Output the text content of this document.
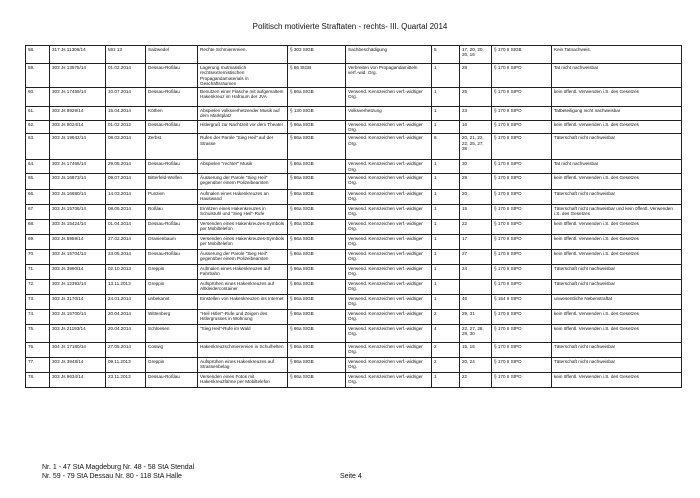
Politisch motivierte Straftaten - rechts- III. Quartal 2014
58.	317 Js 11306/14	Mrz 13	Salzwedel	Rechte Schmierereien.	§ 303 StGB	Sachbeschädigung	5	17, 20, 20, 20, 16	§ 170 II StGB	Kein Tatnachweis.
59.	303 Js 13575/14	01.02.2014	Dessau-Roßlau	Lagerung mutmasslich rechtsextremistischen Propagandamaterials in Geschäftsräumen	§ 86 StGB	Verbreiten von Propagandamitteln verf.-wid. Org.	1	28	§ 170 II StPO	Tat nicht nachweisbar
60.	303 Js 17459/14	10.07.2014	Dessau-Roßlau	Benutzen einer Flasche mit aufgemaltem Hakenkreuz im Hafraum der JVA	§ 86a StGB	Verwend. Kennzeichen verf.-widriger Org.	1	25	§ 170 II StPO	kein öffentl. Verwenden i.S. des Gesetzes
61.	303 Js 8929/14	15.04.2014	Köthen	Abspielen volksverhetzender Musik auf dem Marktplatz	§ 130 StGB	Volksverhetzung	1	23	§ 170 II StPO	Tatbeteiligung nicht nachweisbar
62.	303 Js 9024/14	01.02.2012	Dessau-Roßlau	Hitlergruß zur Nachtzeit vor dem Theater	§ 86a StGB	Verwend. Kennzeichen verf.-widriger Org.	1	16	§ 170 II StPO	kein öffentl. Verwenden i.S. des Gesetzes
63.	303 Js 19642/14	08.03.2014	Zerbst	Rufen der Parole "Sieg Heil" auf der Strasse	§ 86a StGB	Verwend. Kennzeichen verf.-widriger Org.	6	20, 21, 22, 22, 25, 27, 38	§ 170 II StPO	Täterschaft nicht nachweisbar
64.	303 Js 17466/14	29.05.2014	Dessau-Roßlau	Abspielen "rechter" Musik	§ 86a StGB	Verwend. Kennzeichen verf.-widriger Org.	1	30	§ 170 II StPO	Tat nicht nachweisbar
65.	303 Js 16873/14	09.07.2014	Bitterfeld-Wolfen	Äusserung der Parole "Sieg Heil" gegenüber einem Polizeibeamten	§ 86a StGB	Verwend. Kennzeichen verf.-widriger Org.	1	29	§ 170 II StPO	kein öffentl. Verwenden i.S. des Gesetzes
66.	303 Js 16680/14	14.03.2014	Punzien	Aufmalen eines Hakenkreuzes an Hauswand	§ 86a StGB	Verwend. Kennzeichen verf.-widriger Org.	1	20	§ 170 II StPO	Täterschaft nicht nachweisbar
67.	303 Js 15706/14	08.05.2014	Roßlau	Einritzen eines Hakenkreuzes in Schulstuhl und "Sieg Heil"-Rufe	§ 86a StGB	Verwend. Kennzeichen verf.-widriger Org.	1	15	§ 170 II StPO	Täterschaft nicht nachweisbar und kein öffentl. Verwenden i.S. des Gesetzes
68.	303 Js 15424/14	01.04.2014	Dessau-Roßlau	Versenden eines Hakenkreuzes-Symbols per Mobiltelefon	§ 86a StGB	Verwend. Kennzeichen verf.-widriger Org.	1	22	§ 170 II StPO	kein öffentl. Verwenden i.S. des Gesetzes
69.	303 Js 5959/14	27.02.2014	Oranienbaum	Versenden eines Hakenkreuzes-Symbols per Mobiltelefon	§ 86a StGB	Verwend. Kennzeichen verf.-widriger Org.	1	17	§ 170 II StPO	kein öffentl. Verwenden i.S. des Gesetzes
70.	303 Js 15704/14	23.05.2014	Dessau-Roßlau	Äusserung der Parole "Sieg Heil" gegenüber einem Polizeibeamten	§ 86a StGB	Verwend. Kennzeichen verf.-widriger Org.	1	27	§ 170 II StPO	kein öffentl. Verwenden i.S. des Gesetzes
71.	303 Js 3990/14	02.10.2013	Greppin	Aufmalen eines Hakenkreuzes auf Fahrbahn	§ 86a StGB	Verwend. Kennzeichen verf.-widriger Org.	1	24	§ 170 II StPO	Täterschaft nicht nachweisbar
72.	303 Js 12393/14	13.11.2013	Greppin	Aufsprühen eines Hakenkreuzes auf Altkleidercontainer	§ 86a StGB	Verwend. Kennzeichen verf.-widriger Org.	1		§ 170 II StPO	Täterschaft nicht nachweisbar
73.	303 Js 3170/14	24.01.2014	unbekannt	Einstellen von Hakenkreuzen ins Internet	§ 86a StGB	Verwend. Kennzeichen verf.-widriger Org.	1	46	§ 154 II StPO	unwesentliche Nebenstraftat
74.	303 Js 15700/14	20.04.2014	Wittenberg	"Heil Hitler"-Rufe und Zeigen des Hitlergrusses in Wohnung	§ 86a StGB	Verwend. Kennzeichen verf.-widriger Org.	2	29, 31	§ 170 II StPO	kein öffentl. Verwenden i.S. des Gesetzes
75.	303 Js 21193/14	20.04.2014	Schloesen	"Sieg Heil"-Rufe im Wald	§ 86a StGB	Verwend. Kennzeichen verf.-widriger Org.	4	22, 27, 28, 29, 30	§ 170 II StPO	kein öffentl. Verwenden i.S. des Gesetzes
76.	304 Js 17180/14	27.05.2014	Coswig	Hakenkreuzschmierereien in Schulhelten	§ 86a StGB	Verwend. Kennzeichen verf.-widriger Org.	2	15, 16	§ 170 II StPO	Täterschaft nicht nachweisbar
77.	303 Js 3948/14	09.11.2013	Greppin	Aufsprühen eines Hakenkreuzes auf Strassenbelag	§ 86a StGB	Verwend. Kennzeichen verf.-widriger Org.	2	20, 24	§ 170 II StPO	Täterschaft nicht nachweisbar
78.	303 Js 9634/14	23.11.2013	Dessau-Roßlau	Versenden eines Fotos mit Hakenkreuzfahne per Mobiltelefon	§ 86a StGB	Verwend. Kennzeichen verf.-widriger Org.	1	22	§ 170 II StPO	kein öffentl. Verwenden i.S. des Gesetzes
Nr. 1 - 47 StA Magdeburg Nr. 48 - 58 StA Stendal
Nr. 59 - 79 StA Dessau Nr. 80 - 118 StA Halle	Seite 4
